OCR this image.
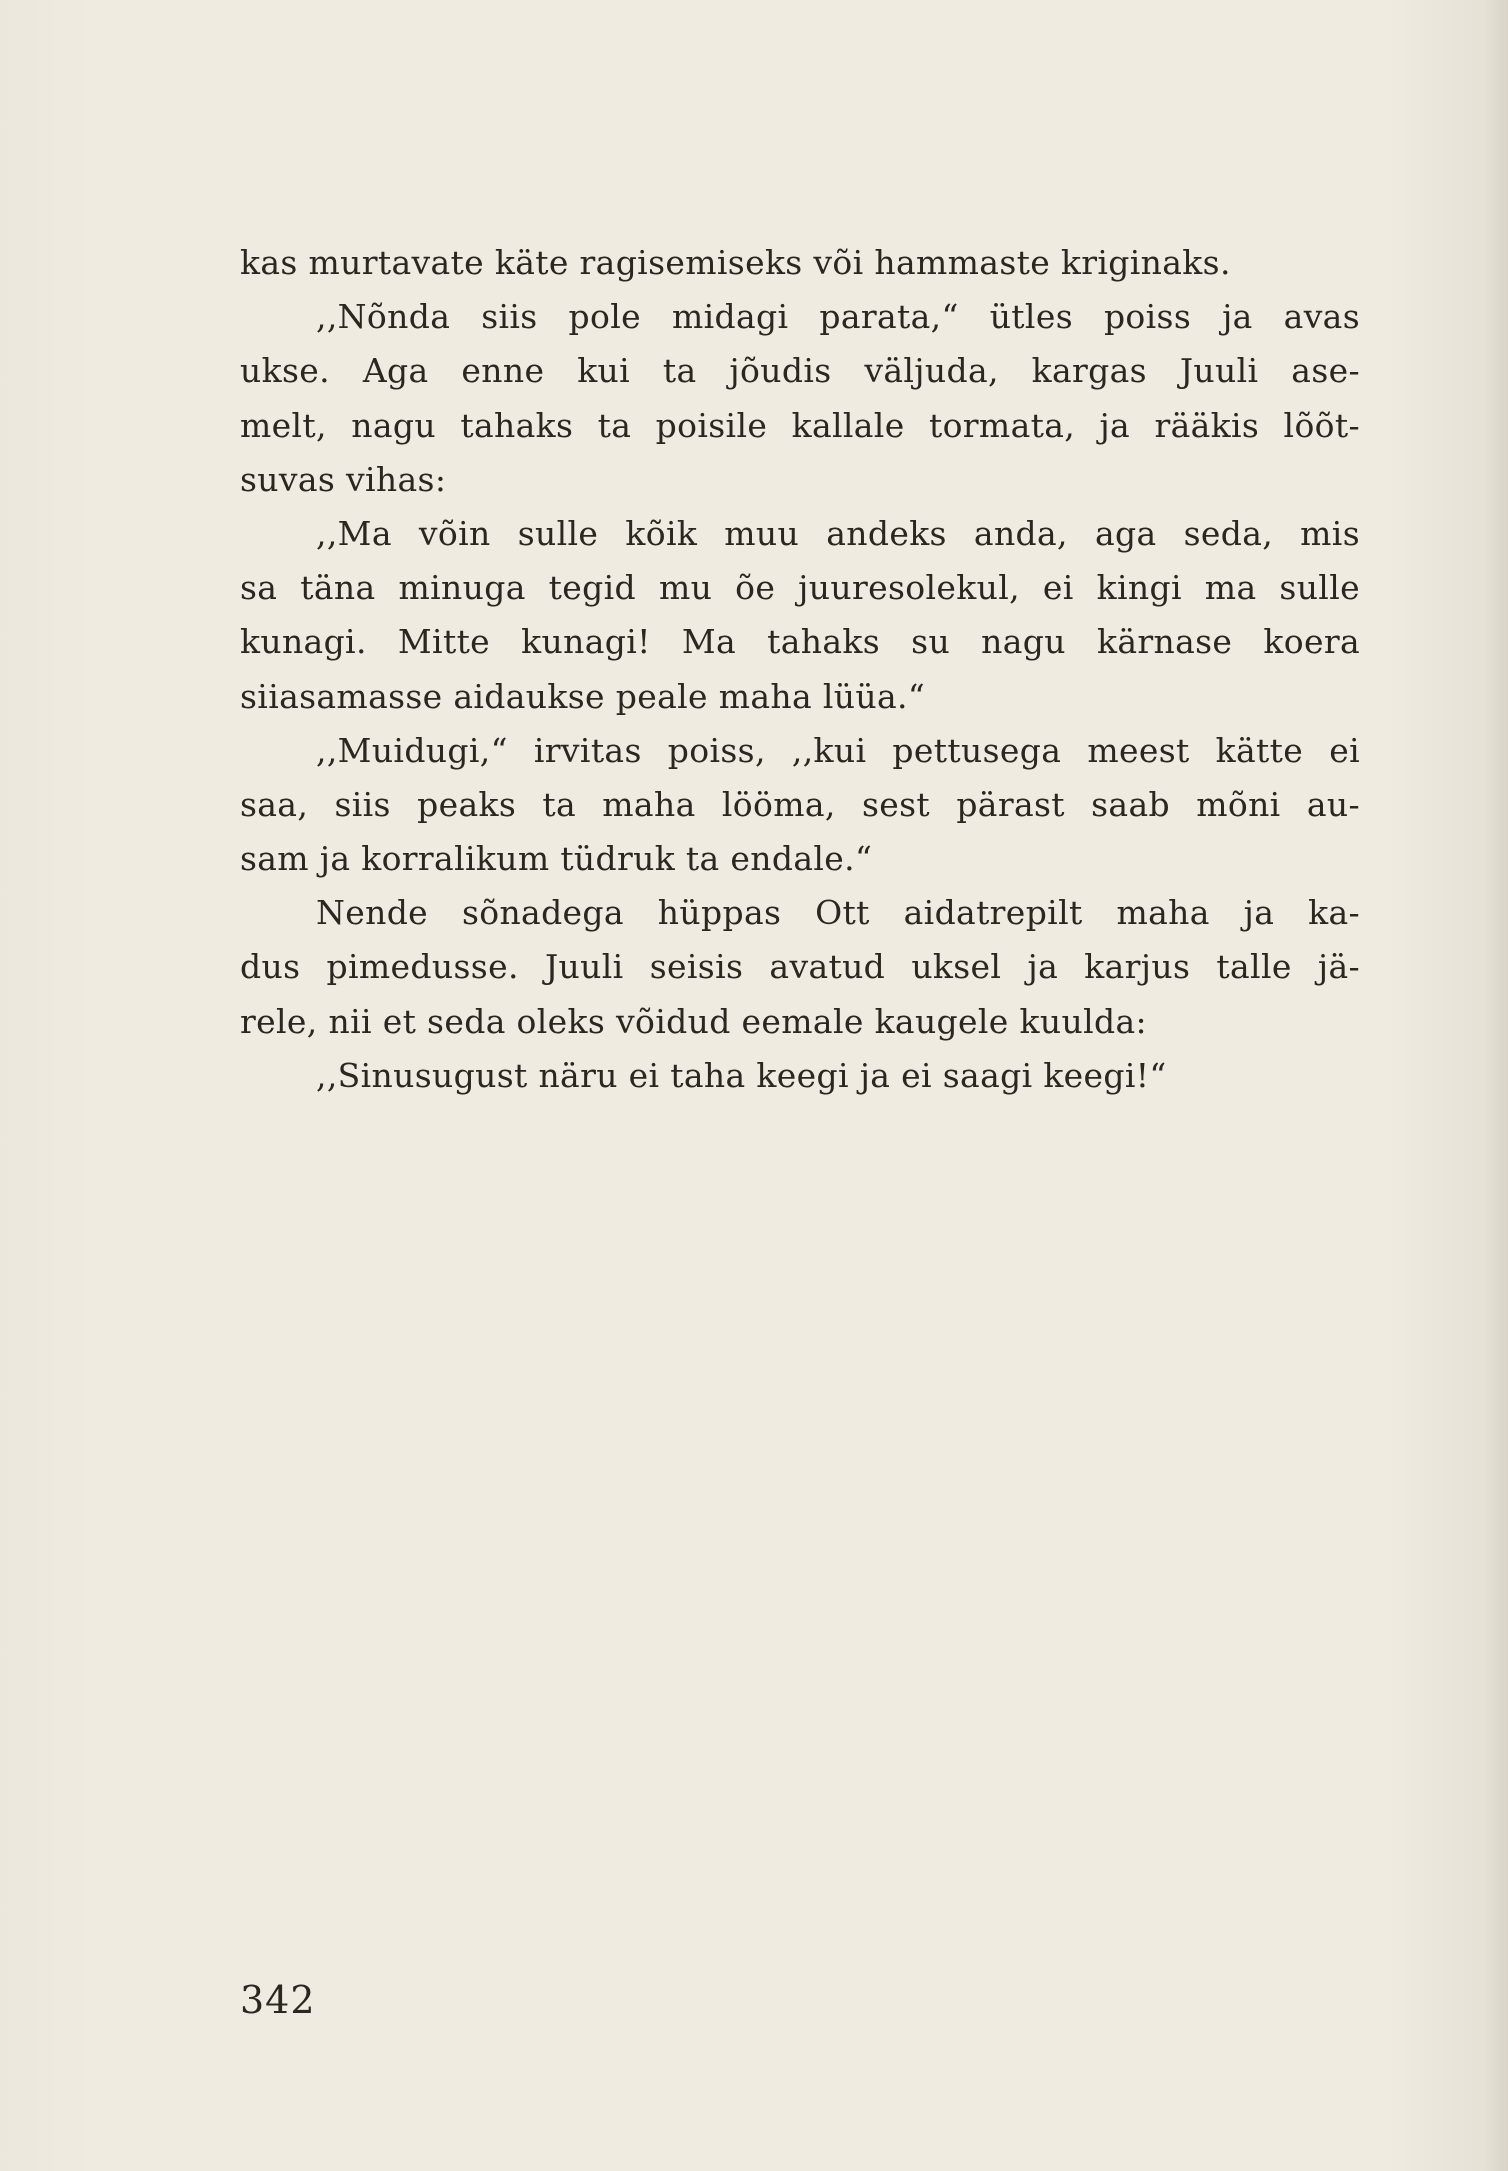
kas murtavate käte ragisemiseks või hammaste kriginaks.
,,Nõnda siis pole midagi parata,“ ütles poiss ja avas
ukse. Aga enne kui ta jõudis väljuda, kargas Juuli ase-
melt, nagu tahaks ta poisile kallale tormata, ja rääkis lõõt-
suvas vihas:
,,Ma võin sulle kõik muu andeks anda, aga seda, mis
sa täna minuga tegid mu õe juuresolekul, ei kingi ma sulle
kunagi. Mitte kunagi! Ma tahaks su nagu kärnase koera
siiasamasse aidaukse peale maha lüüa.“
,,Muidugi,“ irvitas poiss, ,,kui pettusega meest kätte ei
saa, siis peaks ta maha lööma, sest pärast saab mõni au-
sam ja korralikum tüdruk ta endale.“
Nende sõnadega hüppas Ott aidatrepilt maha ja ka-
dus pimedusse. Juuli seisis avatud uksel ja karjus talle jä-
rele, nii et seda oleks võidud eemale kaugele kuulda:
,,Sinusugust näru ei taha keegi ja ei saagi keegi!“
342
